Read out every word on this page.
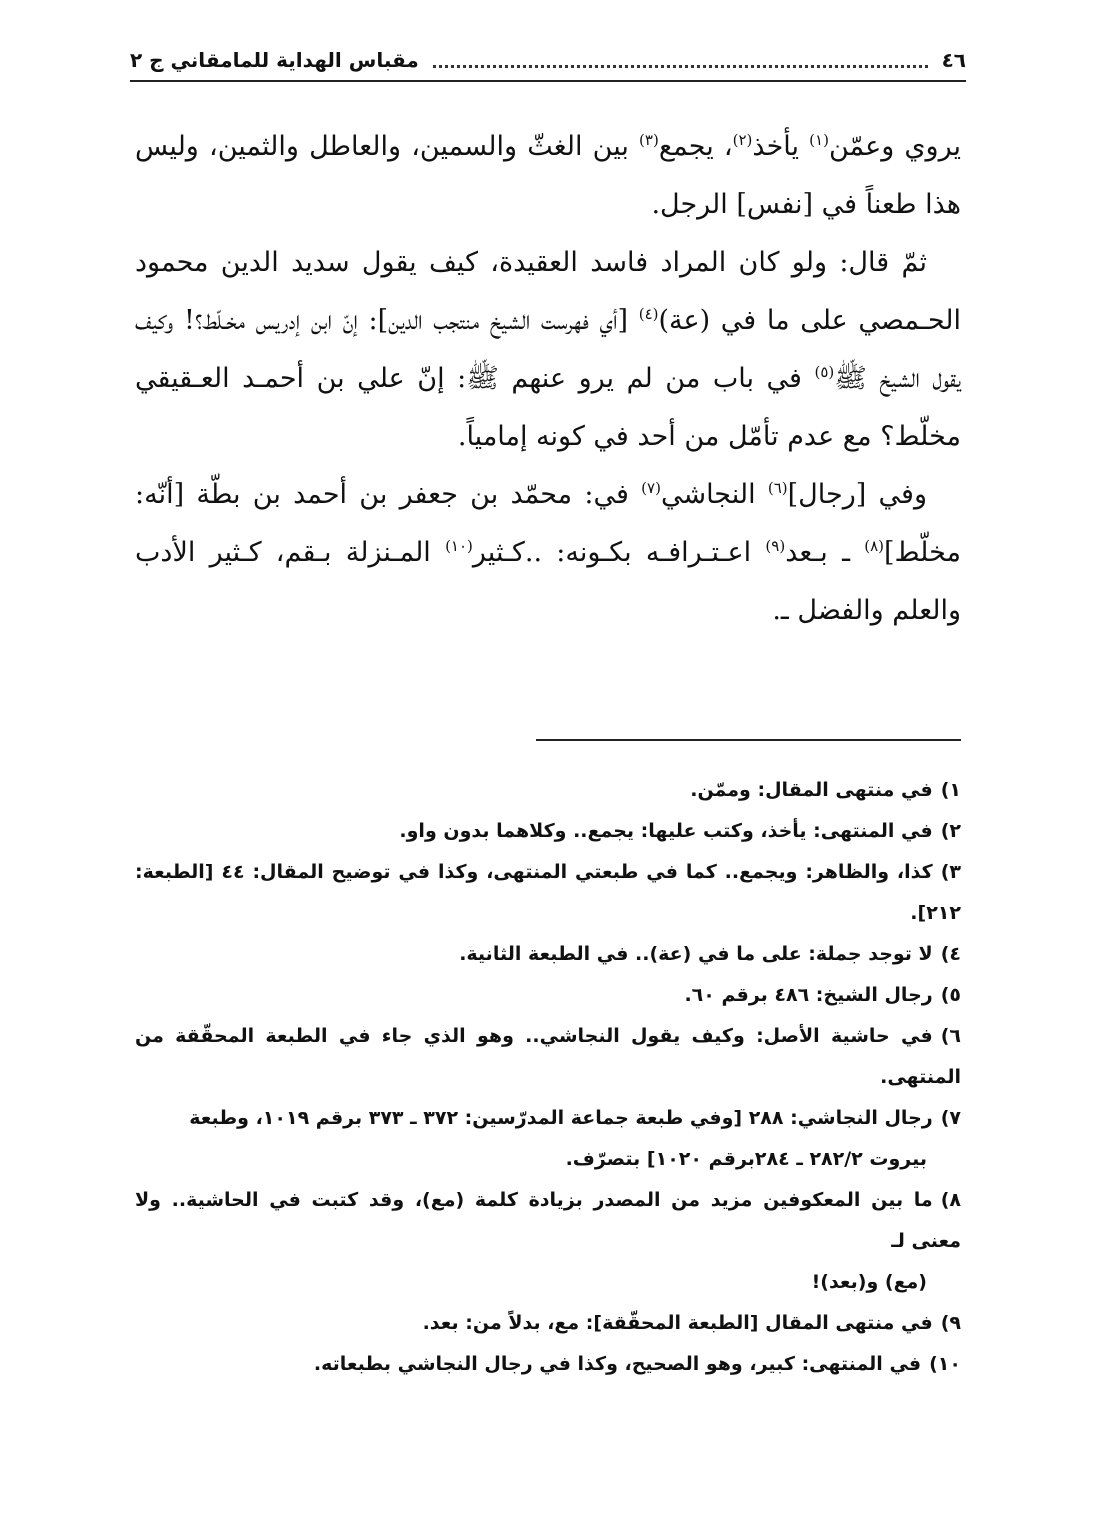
٤٦
مقباس الهداية للمامقاني ج ٢

يروي وعمّن$^{(١)}$ يأخذ$^{(٢)}$، يجمع$^{(٣)}$ بين الغثّ والسمين، والعاطل والثمين، وليس هذا طعناً في [نفس] الرجل.

ثمّ قال: ولو كان المراد فاسد العقيدة، كيف يقول سديد الدين محمود الحـمصي على ما في (عة)$^{(٤)}$ [أي فهرست الشيخ منتجب الدين]: إنّ ابن إدريس مخـلّط؟! وكيف يقول الشيخ ﷺ$^{(٥)}$ في باب من لم يرو عنهم ﷺ: إنّ علي بن أحمـد العـقيقي مخلّط؟ مع عدم تأمّل من أحد في كونه إمامياً.

وفي [رجال]$^{(٦)}$ النجاشي$^{(٧)}$ في: محمّد بن جعفر بن أحمد بن بطّة [أنّه: مخلّط]$^{(٨)}$ ـ بـعد$^{(٩)}$ اعـتـرافـه بكـونه: ..كـثير$^{(١٠)}$ المـنزلة بـقم، كـثير الأدب والعلم والفضل ـ.

١)في منتهى المقال: وممّن.
٢)في المنتهى: يأخذ، وكتب عليها: يجمع.. وكلاهما بدون واو.
٣)كذا، والظاهر: ويجمع.. كما في طبعتي المنتهى، وكذا في توضيح المقال: ٤٤ [الطبعة: ٢١٢].
٤)لا توجد جملة: على ما في (عة).. في الطبعة الثانية.
٥)رجال الشيخ: ٤٨٦ برقم ٦٠.
٦)في حاشية الأصل: وكيف يقول النجاشي.. وهو الذي جاء في الطبعة المحقّقة من المنتهى.
٧)رجال النجاشي: ٢٨٨ [وفي طبعة جماعة المدرّسين: ٣٧٢ ـ ٣٧٣ برقم ١٠١٩، وطبعة
بيروت ٢٨٢/٢ ـ ٢٨٤برقم ١٠٢٠] بتصرّف.
٨)ما بين المعكوفين مزيد من المصدر بزيادة كلمة (مع)، وقد كتبت في الحاشية.. ولا معنى لـ
(مع) و(بعد)!
٩)في منتهى المقال [الطبعة المحقّقة]: مع، بدلاً من: بعد.
١٠)في المنتهى: كبير، وهو الصحيح، وكذا في رجال النجاشي بطبعاته.
